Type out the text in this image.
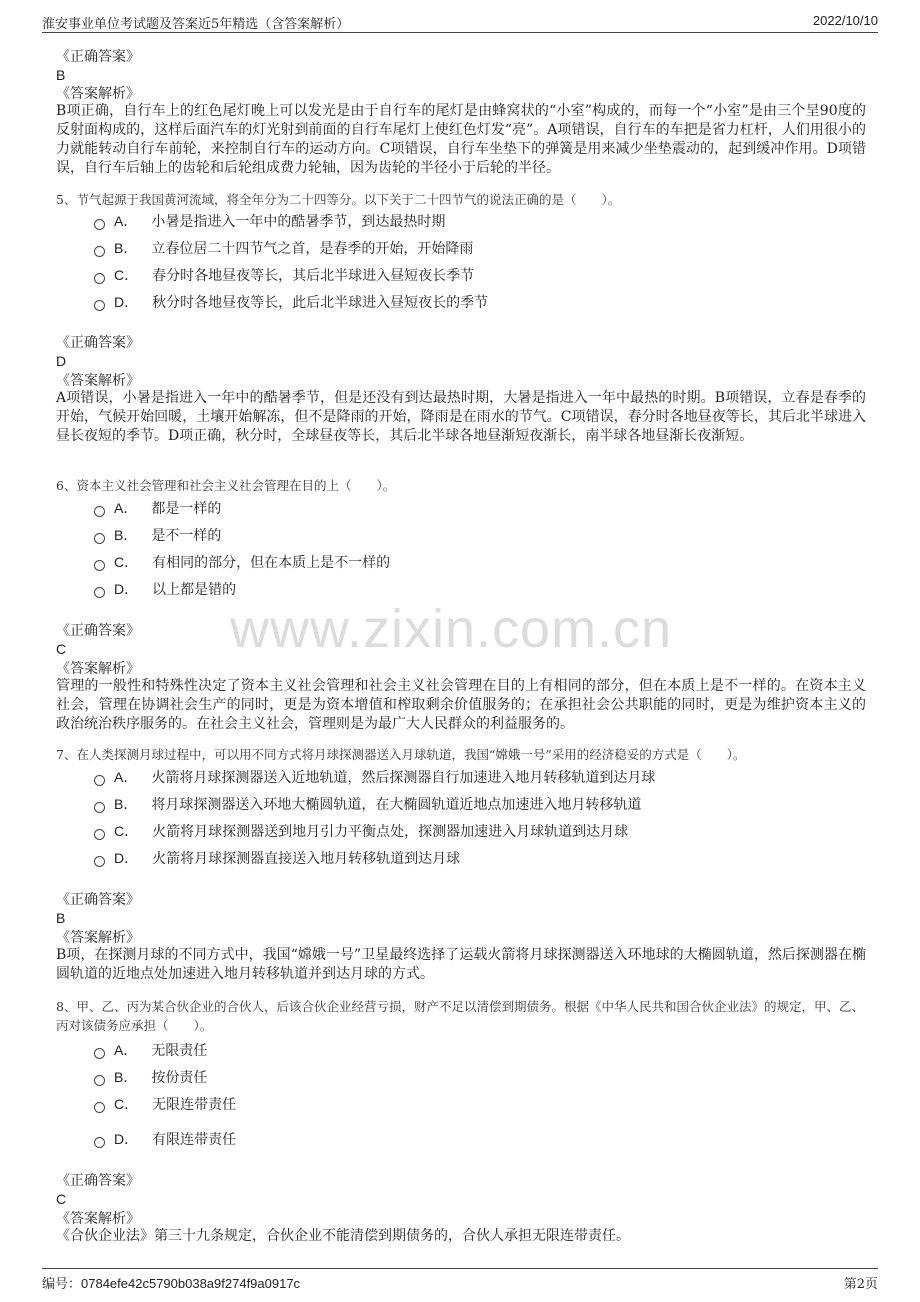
淮安事业单位考试题及答案近5年精选（含答案解析）	2022/10/10
www.zixin.com.cn
《正确答案》
B
《答案解析》
B项正确，自行车上的红色尾灯晚上可以发光是由于自行车的尾灯是由蜂窝状的“小室”构成的，而每一个“小室”是由三个呈90度的反射面构成的，这样后面汽车的灯光射到前面的自行车尾灯上使红色灯发“亮”。A项错误，自行车的车把是省力杠杆，人们用很小的力就能转动自行车前轮，来控制自行车的运动方向。C项错误，自行车坐垫下的弹簧是用来减少坐垫震动的，起到缓冲作用。D项错误，自行车后轴上的齿轮和后轮组成费力轮轴，因为齿轮的半径小于后轮的半径。
5、节气起源于我国黄河流域，将全年分为二十四等分。以下关于二十四节气的说法正确的是（　　）。
A． 小暑是指进入一年中的酷暑季节，到达最热时期
B． 立春位居二十四节气之首，是春季的开始，开始降雨
C． 春分时各地昼夜等长，其后北半球进入昼短夜长季节
D． 秋分时各地昼夜等长，此后北半球进入昼短夜长的季节
《正确答案》
D
《答案解析》
A项错误，小暑是指进入一年中的酷暑季节，但是还没有到达最热时期，大暑是指进入一年中最热的时期。B项错误，立春是春季的开始，气候开始回暖，土壤开始解冻，但不是降雨的开始，降雨是在雨水的节气。C项错误，春分时各地昼夜等长，其后北半球进入昼长夜短的季节。D项正确，秋分时，全球昼夜等长，其后北半球各地昼渐短夜渐长，南半球各地昼渐长夜渐短。
6、资本主义社会管理和社会主义社会管理在目的上（　　）。
A． 都是一样的
B． 是不一样的
C． 有相同的部分，但在本质上是不一样的
D． 以上都是错的
《正确答案》
C
《答案解析》
管理的一般性和特殊性决定了资本主义社会管理和社会主义社会管理在目的上有相同的部分，但在本质上是不一样的。在资本主义社会，管理在协调社会生产的同时，更是为资本增值和榨取剩余价值服务的；在承担社会公共职能的同时，更是为维护资本主义的政治统治秩序服务的。在社会主义社会，管理则是为最广大人民群众的利益服务的。
7、在人类探测月球过程中，可以用不同方式将月球探测器送入月球轨道，我国“嫦娥一号”采用的经济稳妥的方式是（　　）。
A． 火箭将月球探测器送入近地轨道，然后探测器自行加速进入地月转移轨道到达月球
B． 将月球探测器送入环地大椭圆轨道，在大椭圆轨道近地点加速进入地月转移轨道
C． 火箭将月球探测器送到地月引力平衡点处，探测器加速进入月球轨道到达月球
D． 火箭将月球探测器直接送入地月转移轨道到达月球
《正确答案》
B
《答案解析》
B项，在探测月球的不同方式中，我国“嫦娥一号”卫星最终选择了运载火箭将月球探测器送入环地球的大椭圆轨道，然后探测器在椭圆轨道的近地点处加速进入地月转移轨道并到达月球的方式。
8、甲、乙、丙为某合伙企业的合伙人，后该合伙企业经营亏损，财产不足以清偿到期债务。根据《中华人民共和国合伙企业法》的规定，甲、乙、丙对该债务应承担（　　）。
A． 无限责任
B． 按份责任
C． 无限连带责任
D． 有限连带责任
《正确答案》
C
《答案解析》
《合伙企业法》第三十九条规定，合伙企业不能清偿到期债务的，合伙人承担无限连带责任。
编号：0784efe42c5790b038a9f274f9a0917c	第2页
